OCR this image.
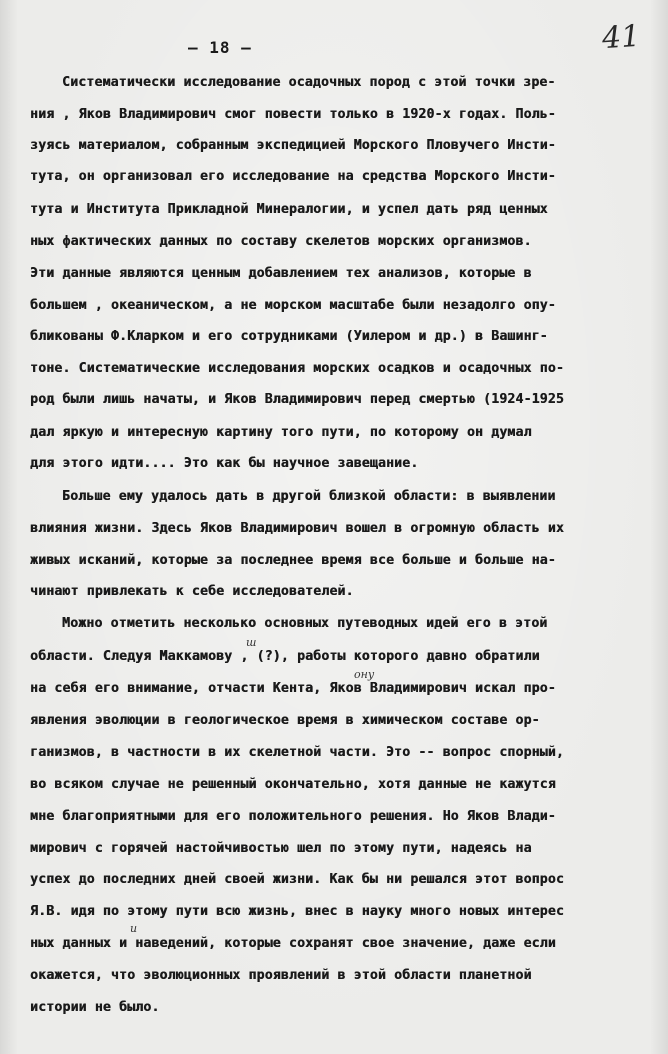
— 18 —	41
Систематически исследование осадочных пород с этой точки зре-
ния , Яков Владимирович смог повести только в 1920-х годах. Поль-
зуясь материалом, собранным экспедицией Морского Пловучего Инсти-
тута, он организовал его исследование на средства Морского Инсти-
тута и Института Прикладной Минералогии, и успел дать ряд ценных
ных фактических данных по составу скелетов морских организмов.
Эти данные являются ценным добавлением тех анализов, которые в
большем , океаническом, а не морском масштабе были незадолго опу-
бликованы Ф.Кларком и его сотрудниками (Уилером и др.) в Вашинг-
тоне. Систематические исследования морских осадков и осадочных по-
род были лишь начаты, и Яков Владимирович перед смертью (1924-1925
дал яркую и интересную картину того пути, по которому он думал
для этого идти.... Это как бы научное завещание.
Больше ему удалось дать в другой близкой области: в выявлении
влияния жизни. Здесь Яков Владимирович вошел в огромную область их
живых исканий, которые за последнее время все больше и больше на-
чинают привлекать к себе исследователей.
Можно отметить несколько основных путеводных идей его в этой
области. Следуя Маккамову , (?), работы которого давно обратили
на себя его внимание, отчасти Кента, Яков Владимирович искал про-
явления эволюции в геологическое время в химическом составе ор-
ганизмов, в частности в их скелетной части. Это -- вопрос спорный,
во всяком случае не решенный окончательно, хотя данные не кажутся
мне благоприятными для его положительного решения. Но Яков Влади-
мирович с горячей настойчивостью шел по этому пути, надеясь на
успех до последних дней своей жизни. Как бы ни решался этот вопрос
Я.В. идя по этому пути всю жизнь, внес в науку много новых интерес
ных данных и наведений, которые сохранят свое значение, даже если
окажется, что эволюционных проявлений в этой области планетной
истории не было.
ш
ону
и
